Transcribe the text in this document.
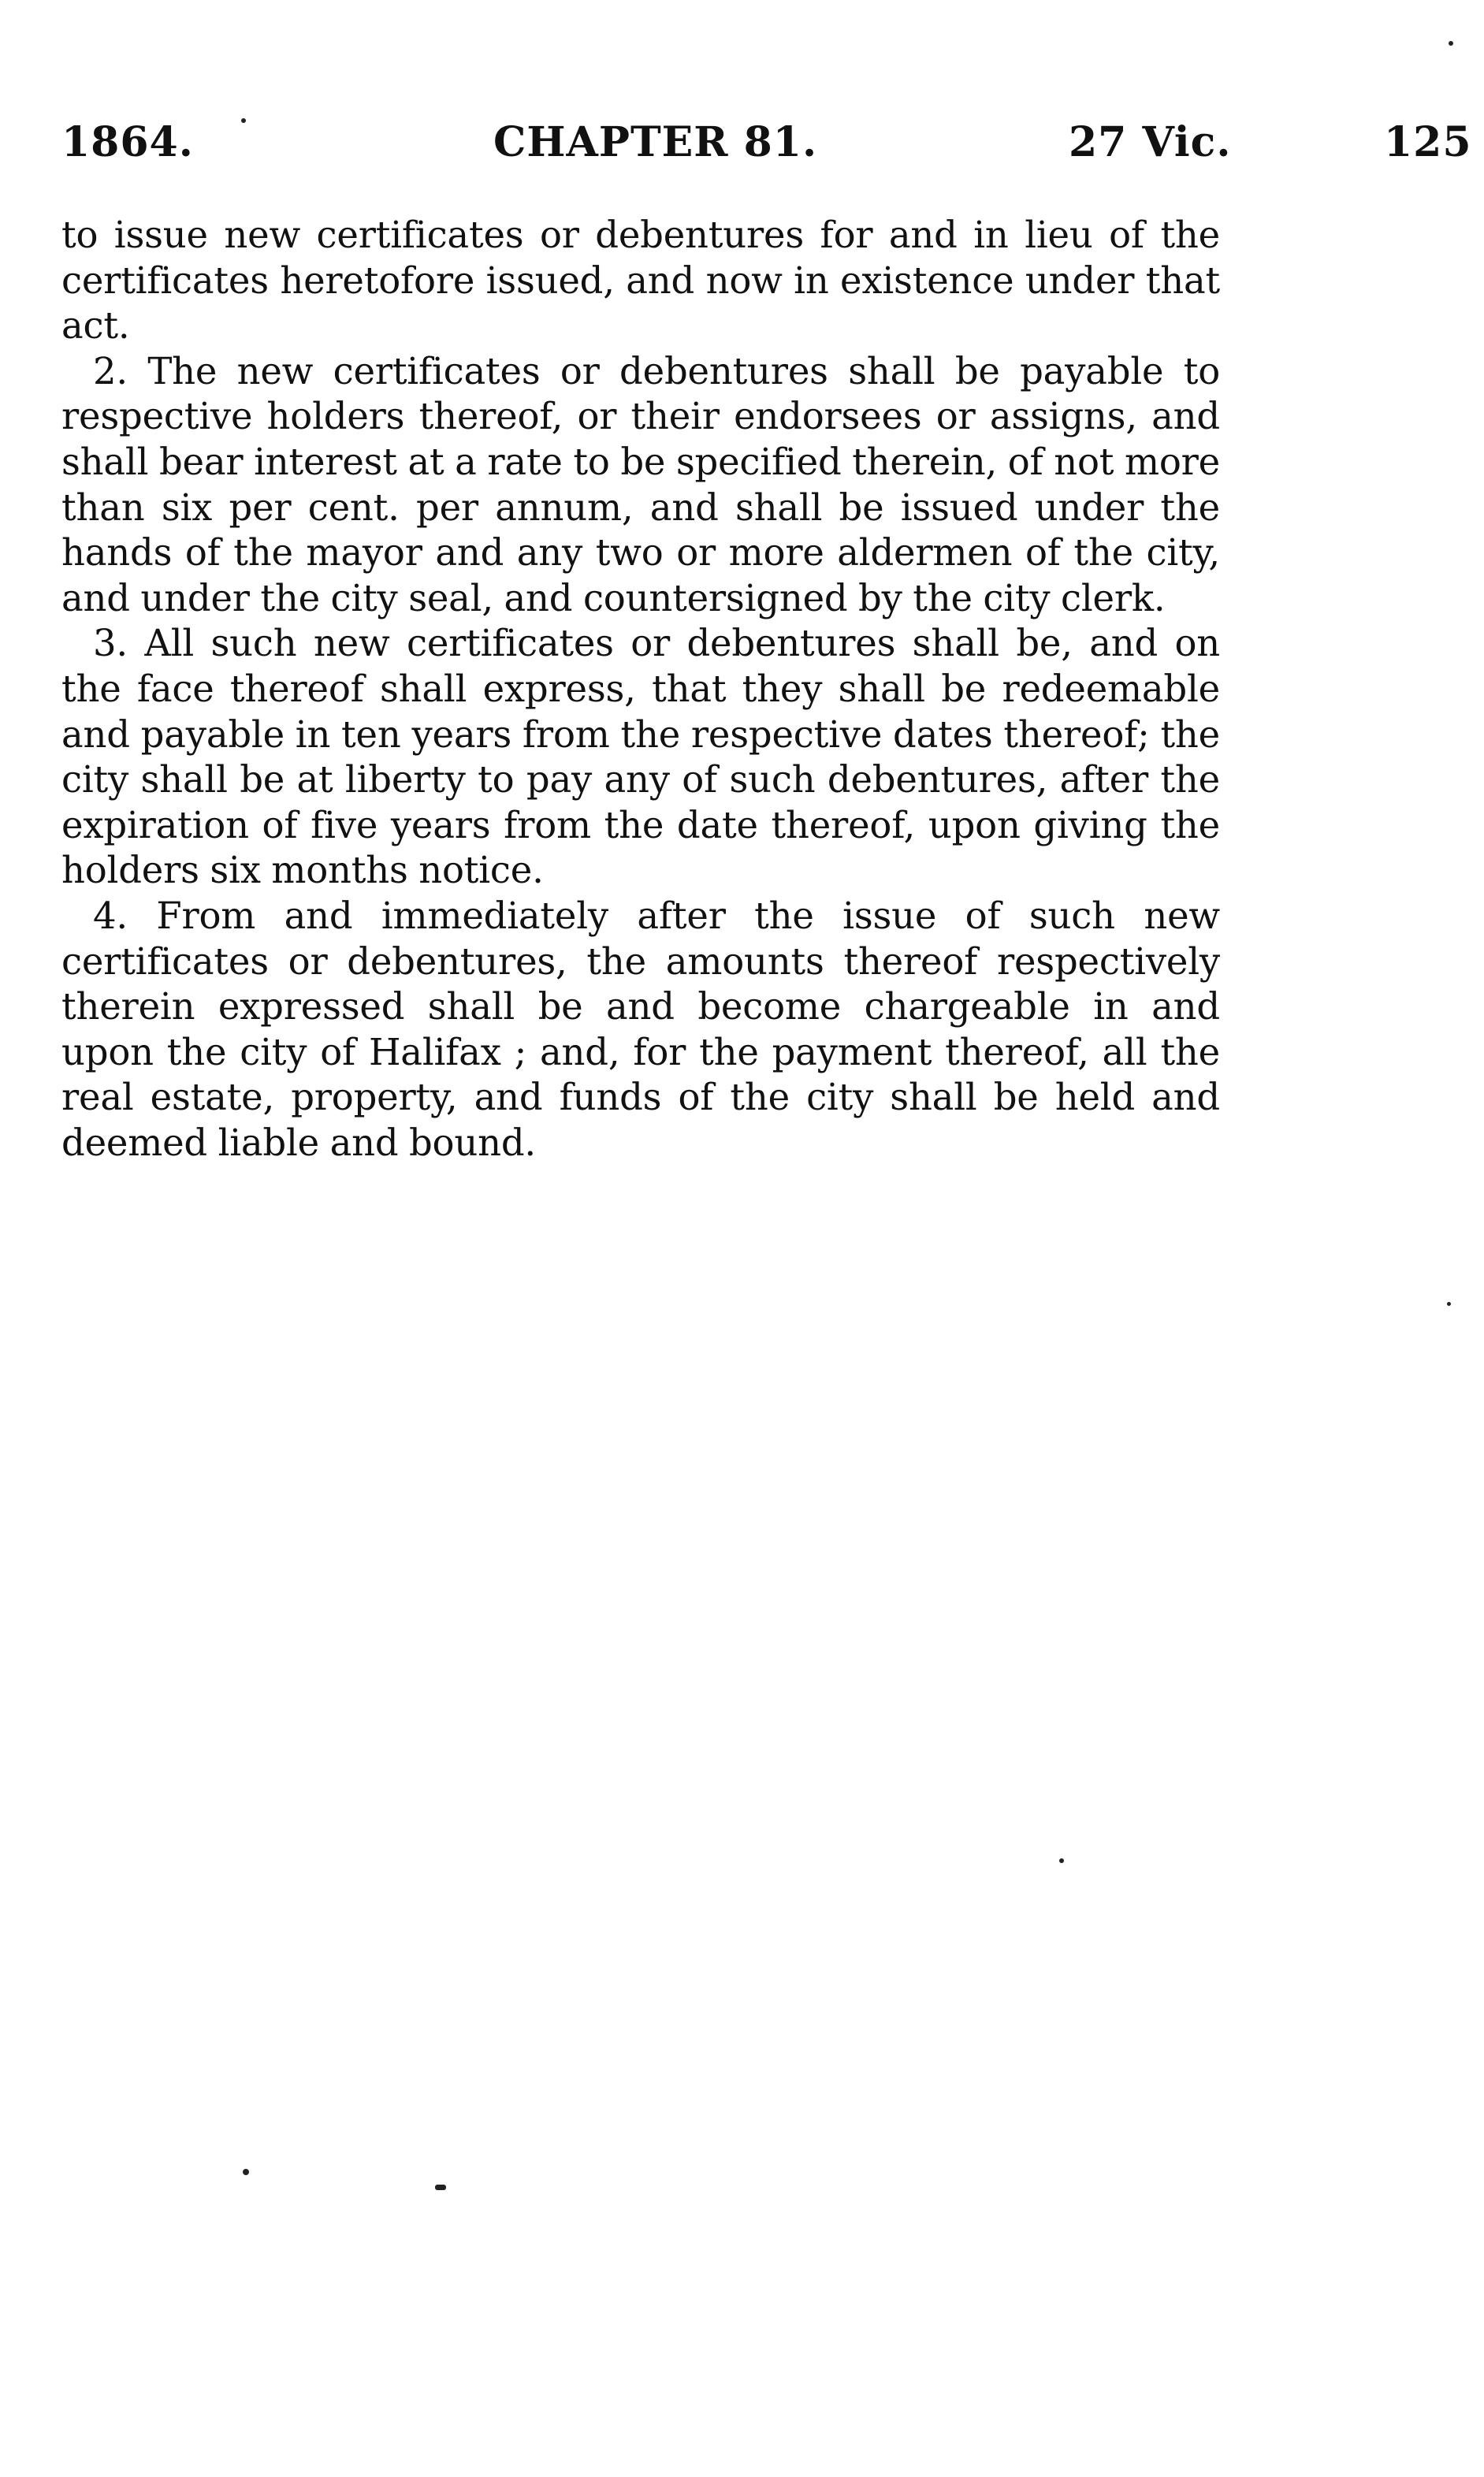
1864.	CHAPTER 81.	27 Vic.	125

to issue new certificates or debentures for and in lieu of the certificates heretofore issued, and now in existence under that act.

2. The new certificates or debentures shall be payable to respective holders thereof, or their endorsees or assigns, and shall bear interest at a rate to be specified therein, of not more than six per cent. per annum, and shall be issued under the hands of the mayor and any two or more aldermen of the city, and under the city seal, and countersigned by the city clerk.

3. All such new certificates or debentures shall be, and on the face thereof shall express, that they shall be redeemable and payable in ten years from the respective dates thereof; the city shall be at liberty to pay any of such debentures, after the expiration of five years from the date thereof, upon giving the holders six months notice.

4. From and immediately after the issue of such new certificates or debentures, the amounts thereof respectively therein expressed shall be and become chargeable in and upon the city of Halifax ; and, for the payment thereof, all the real estate, property, and funds of the city shall be held and deemed liable and bound.
